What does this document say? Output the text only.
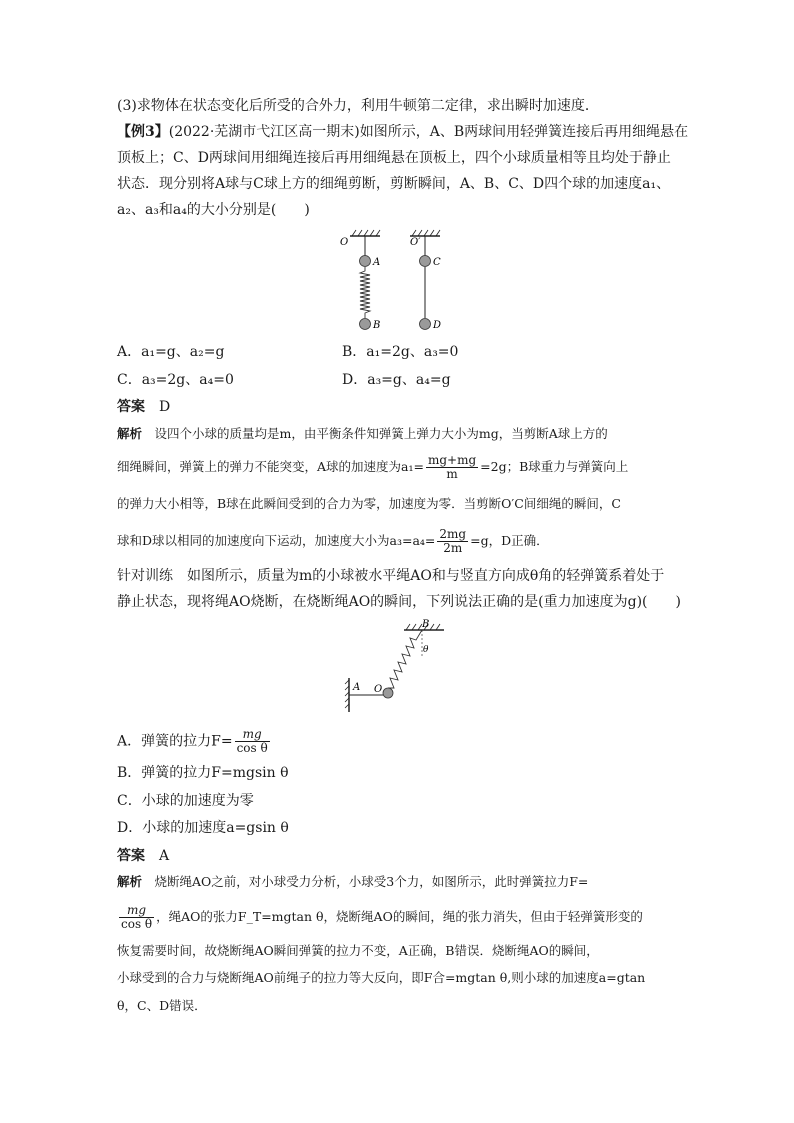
(3)求物体在状态变化后所受的合外力，利用牛顿第二定律，求出瞬时加速度．
【例3】(2022·芜湖市弋江区高一期末)如图所示，A、B两球间用轻弹簧连接后再用细绳悬在
顶板上；C、D两球间用细绳连接后再用细绳悬在顶板上，四个小球质量相等且均处于静止
状态．现分别将A球与C球上方的细绳剪断，剪断瞬间，A、B、C、D四个球的加速度a₁、
a₂、a₃和a₄的大小分别是(　　)
O
A
B
O′
C
D
A．a₁=g、a₂=g	B．a₁=2g、a₃=0
C．a₃=2g、a₄=0	D．a₃=g、a₄=g
答案　 D
解析　 设四个小球的质量均是m，由平衡条件知弹簧上弹力大小为mg，当剪断A球上方的
细绳瞬间，弹簧上的弹力不能突变，A球的加速度为$a_1= \frac{mg+mg}{m} =2g$；B球重力与弹簧向上
的弹力大小相等，B球在此瞬间受到的合力为零，加速度为零．当剪断O′C间细绳的瞬间，C
球和D球以相同的加速度向下运动，加速度大小为$a_3=a_4= \frac{2mg}{2m} =g$，D正确．
针对训练　如图所示，质量为m的小球被水平绳AO和与竖直方向成θ角的轻弹簧系着处于
静止状态，现将绳AO烧断，在烧断绳AO的瞬间，下列说法正确的是(重力加速度为g)(　　)
B
θ
A O
A．弹簧的拉力$F= \frac{mg}{\text{cos θ}}$
B．弹簧的拉力F=mgsin θ
C．小球的加速度为零
D．小球的加速度a=gsin θ
答案　 A
解析　 烧断绳AO之前，对小球受力分析，小球受3个力，如图所示，此时弹簧拉力F=
$\frac{mg}{\text{cos θ}}$ ，绳AO的张力F_T=mgtan θ，烧断绳AO的瞬间，绳的张力消失，但由于轻弹簧形变的
恢复需要时间，故烧断绳AO瞬间弹簧的拉力不变，A正确，B错误．烧断绳AO的瞬间，
小球受到的合力与烧断绳AO前绳子的拉力等大反向，即F合=mgtan θ,则小球的加速度a=gtan
θ，C、D错误．
